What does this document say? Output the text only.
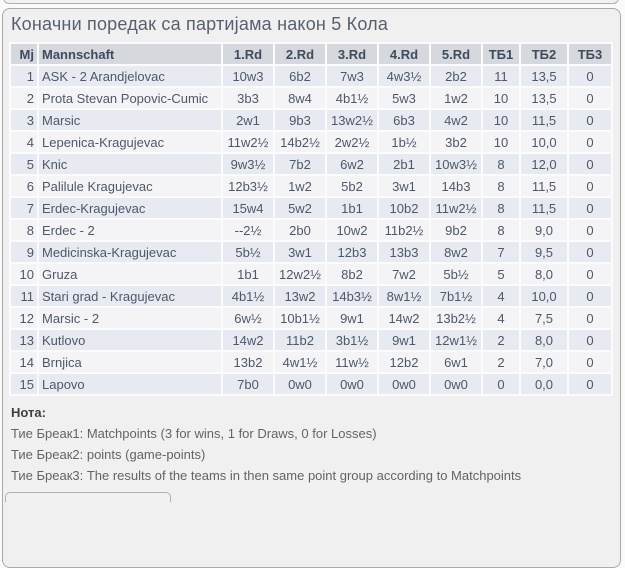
Коначни поредак са партијама након 5 Кола
Мј	Mannschaft	1.Rd	2.Rd	3.Rd	4.Rd	5.Rd	ТБ1	ТБ2	ТБ3
1	ASK - 2 Arandjelovac	10w3	6b2	7w3	4w3½	2b2	11	13,5	0
2	Prota Stevan Popovic-Cumic	3b3	8w4	4b1½	5w3	1w2	10	13,5	0
3	Marsic	2w1	9b3	13w2½	6b3	4w2	10	11,5	0
4	Lepenica-Kragujevac	11w2½	14b2½	2w2½	1b½	3b2	10	10,0	0
5	Knic	9w3½	7b2	6w2	2b1	10w3½	8	12,0	0
6	Palilule Kragujevac	12b3½	1w2	5b2	3w1	14b3	8	11,5	0
7	Erdec-Kragujevac	15w4	5w2	1b1	10b2	11w2½	8	11,5	0
8	Erdec - 2	--2½	2b0	10w2	11b2½	9b2	8	9,0	0
9	Medicinska-Kragujevac	5b½	3w1	12b3	13b3	8w2	7	9,5	0
10	Gruza	1b1	12w2½	8b2	7w2	5b½	5	8,0	0
11	Stari grad - Kragujevac	4b1½	13w2	14b3½	8w1½	7b1½	4	10,0	0
12	Marsic - 2	6w½	10b1½	9w1	14w2	13b2½	4	7,5	0
13	Kutlovo	14w2	11b2	3b1½	9w1	12w1½	2	8,0	0
14	Brnjica	13b2	4w1½	11w½	12b2	6w1	2	7,0	0
15	Lapovo	7b0	0w0	0w0	0w0	0w0	0	0,0	0
Нота:
Тие Бреак1: Matchpoints (3 for wins, 1 for Draws, 0 for Losses)
Тие Бреак2: points (game-points)
Тие Бреак3: The results of the teams in then same point group according to Matchpoints
